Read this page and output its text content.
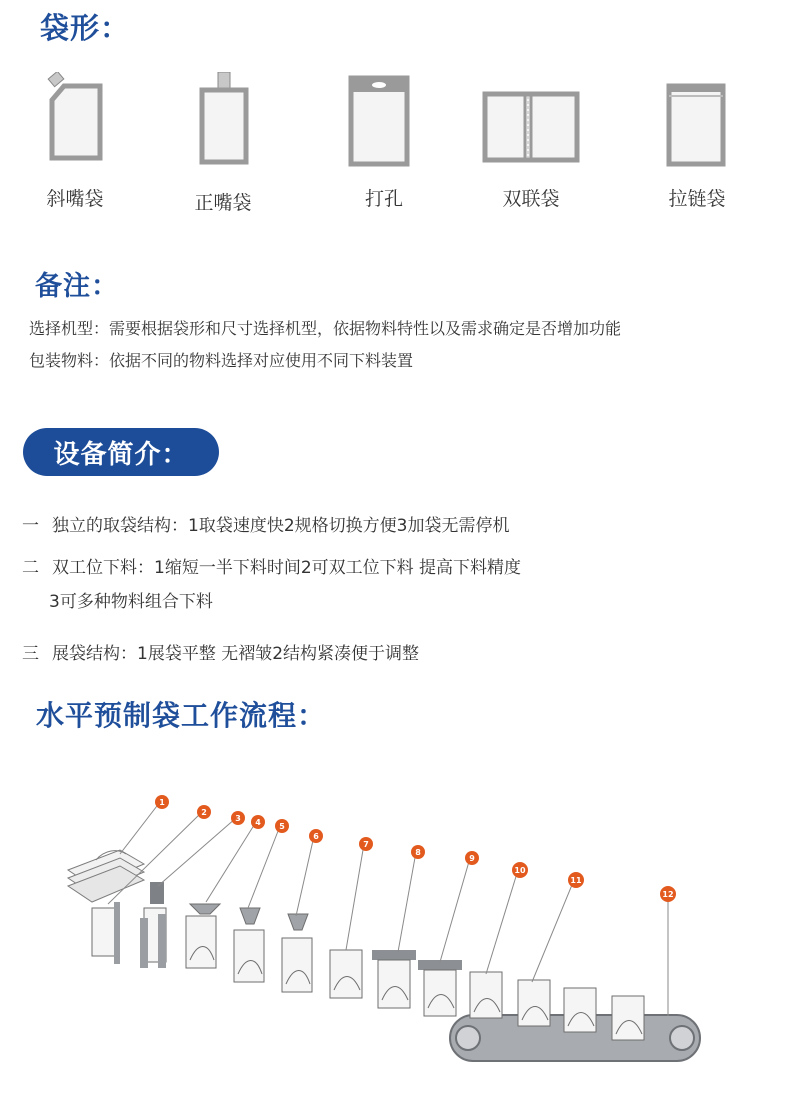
袋形：
斜嘴袋	正嘴袋	打孔	双联袋	拉链袋
备注：
选择机型：需要根据袋形和尺寸选择机型，依据物料特性以及需求确定是否增加功能
包装物料：依据不同的物料选择对应使用不同下料装置
设备简介：
一 独立的取袋结构：1取袋速度快2规格切换方便3加袋无需停机
二 双工位下料：1缩短一半下料时间2可双工位下料 提高下料精度
3可多种物料组合下料
三 展袋结构：1展袋平整 无褶皱2结构紧凑便于调整
水平预制袋工作流程：
1
2
3 4 5
6
7
8
9
10
11
12
